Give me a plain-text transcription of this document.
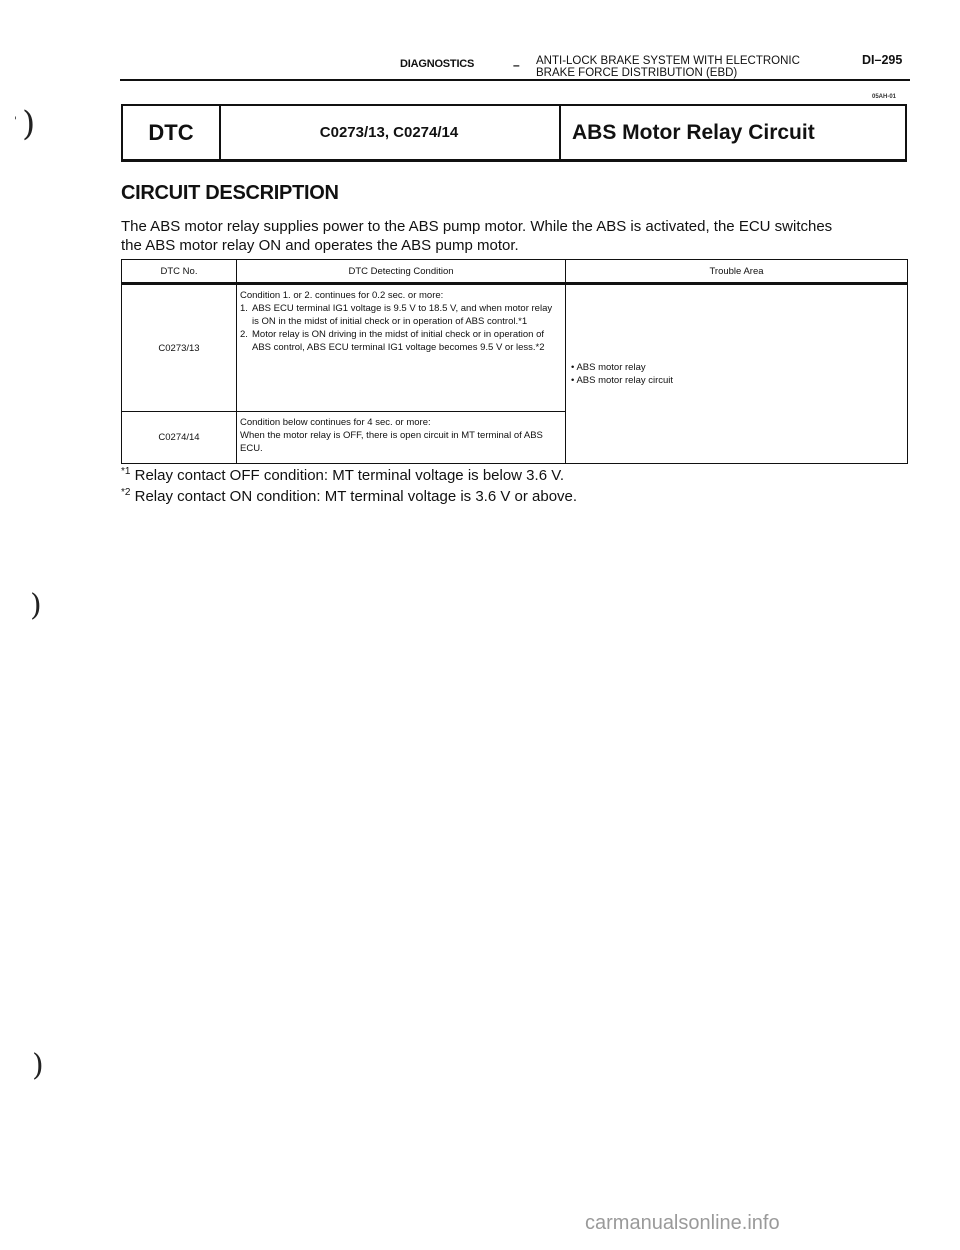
DIAGNOSTICS	– ANTI-LOCK BRAKE SYSTEM WITH ELECTRONIC
BRAKE FORCE DISTRIBUTION (EBD)
DI–295
05AH-01
)
'
)
)
DTC	C0273/13, C0274/14	ABS Motor Relay Circuit
CIRCUIT DESCRIPTION
The ABS motor relay supplies power to the ABS pump motor. While the ABS is activated, the ECU switches
the ABS motor relay ON and operates the ABS pump motor.
DTC No.	DTC Detecting Condition	Trouble Area
C0273/13	Condition 1. or 2. continues for 0.2 sec. or more:
1. ABS ECU terminal IG1 voltage is 9.5 V to 18.5 V, and when motor relay is ON in the midst of initial check or in operation of ABS control.*1
2. Motor relay is ON driving in the midst of initial check or in operation of ABS control, ABS ECU terminal IG1 voltage becomes 9.5 V or less.*2	• ABS motor relay
• ABS motor relay circuit

C0274/14	Condition below continues for 4 sec. or more:
When the motor relay is OFF, there is open circuit in MT terminal of ABS ECU.	
$^{*1}$ Relay contact OFF condition: MT terminal voltage is below 3.6 V.
$^{*2}$ Relay contact ON condition: MT terminal voltage is 3.6 V or above.
carmanualsonline.info
